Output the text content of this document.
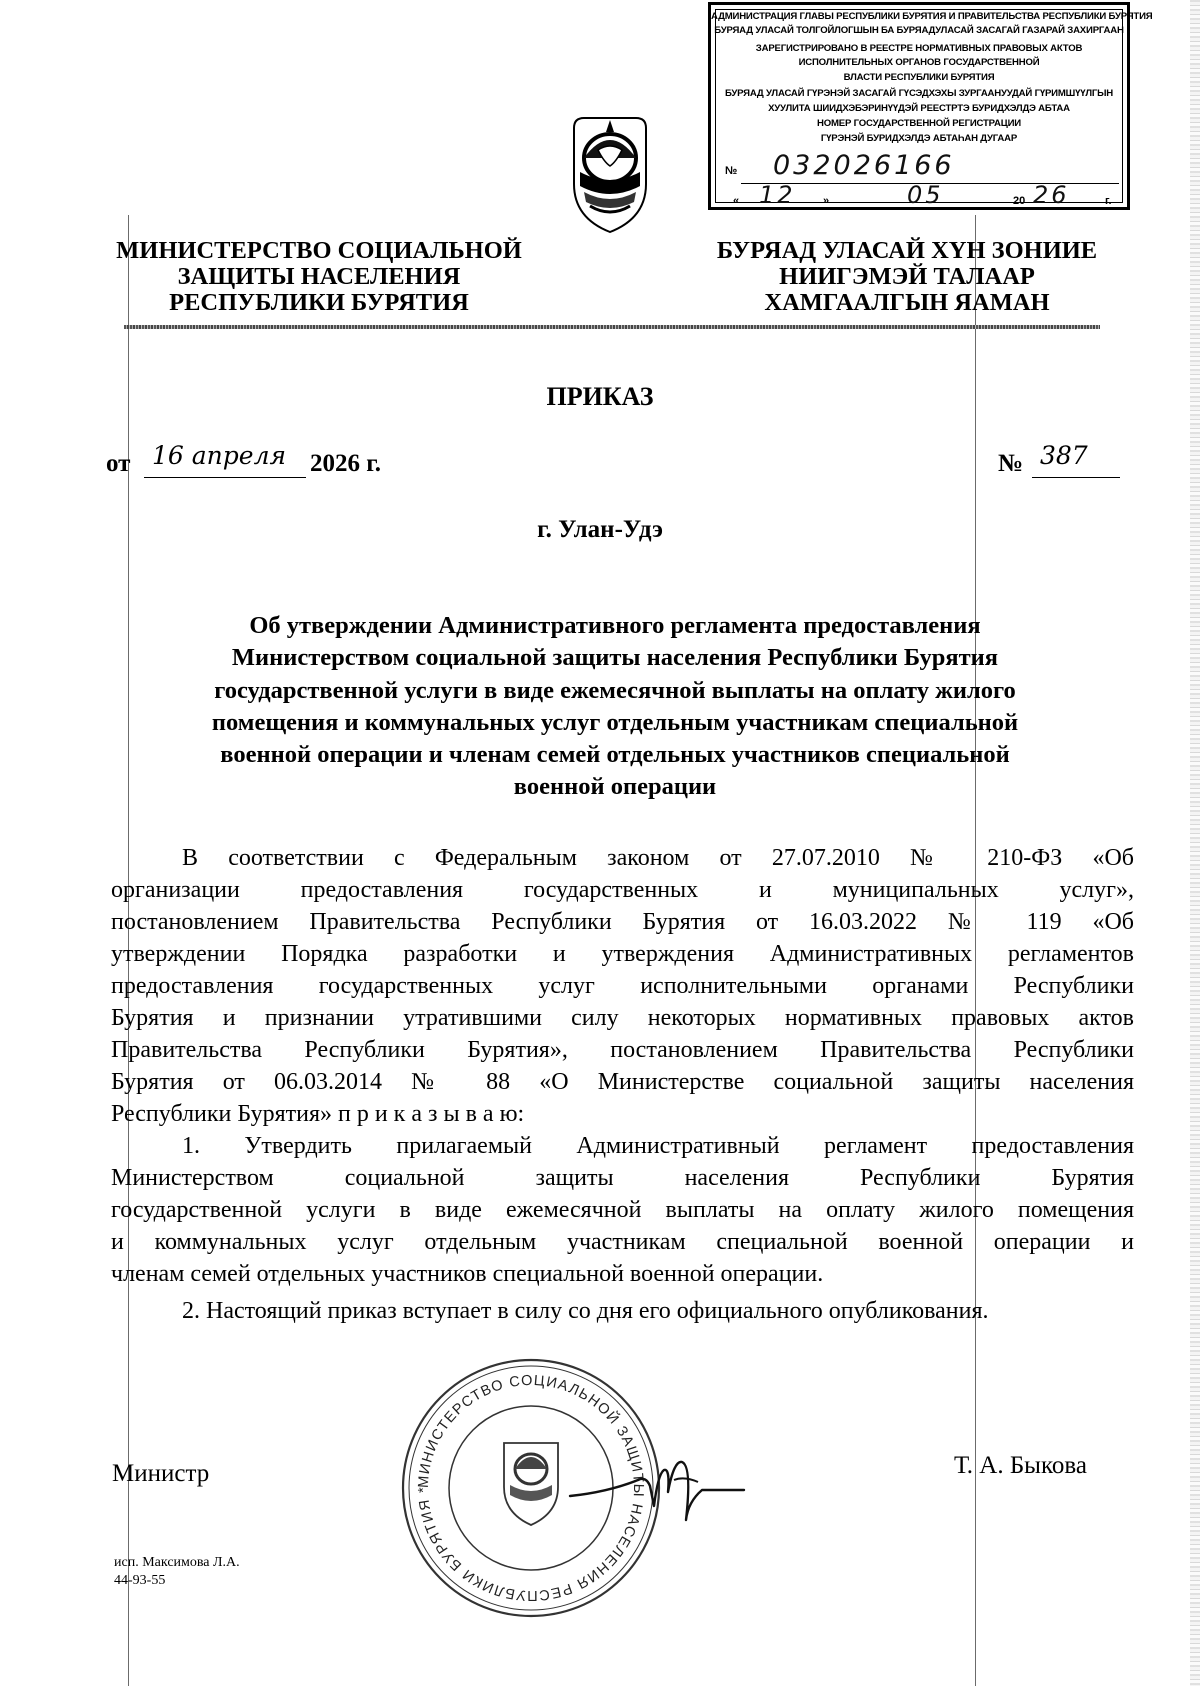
АДМИНИСТРАЦИЯ ГЛАВЫ РЕСПУБЛИКИ БУРЯТИЯ И ПРАВИТЕЛЬСТВА РЕСПУБЛИКИ БУРЯТИЯ
БУРЯАД УЛАСАЙ ТОЛГОЙЛОГШЫН БА БУРЯАДУЛАСАЙ ЗАСАГАЙ ГАЗАРАЙ ЗАХИРГААН
ЗАРЕГИСТРИРОВАНО В РЕЕСТРЕ НОРМАТИВНЫХ ПРАВОВЫХ АКТОВ
ИСПОЛНИТЕЛЬНЫХ ОРГАНОВ ГОСУДАРСТВЕННОЙ
ВЛАСТИ РЕСПУБЛИКИ БУРЯТИЯ
БУРЯАД УЛАСАЙ ГҮРЭНЭЙ ЗАСАГАЙ ГҮСЭДХЭХЫ ЗУРГААНУУДАЙ ГҮРИМШҮҮЛГЫН
ХУУЛИТА ШИИДХЭБЭРИНҮҮДЭЙ РЕЕСТРТЭ БУРИДХЭЛДЭ АБТАА
НОМЕР ГОСУДАРСТВЕННОЙ РЕГИСТРАЦИИ
ГҮРЭНЭЙ БУРИДХЭЛДЭ АБТАҺАН ДУГААР
№ 032026166
« 12 »	05	20 26	г.
МИНИСТЕРСТВО СОЦИАЛЬНОЙ
ЗАЩИТЫ НАСЕЛЕНИЯ
РЕСПУБЛИКИ БУРЯТИЯ
БУРЯАД УЛАСАЙ ХҮН ЗОНИИЕ
НИИГЭМЭЙ ТАЛААР
ХАМГААЛГЫН ЯАМАН
ПРИКАЗ
от 16 апреля 2026 г.	№ 387
г. Улан-Удэ
Об утверждении Административного регламента предоставления
Министерством социальной защиты населения Республики Бурятия
государственной услуги в виде ежемесячной выплаты на оплату жилого
помещения и коммунальных услуг отдельным участникам специальной
военной операции и членам семей отдельных участников специальной
военной операции
В соответствии с Федеральным законом от 27.07.2010 № 210-ФЗ «Об
организации предоставления государственных и муниципальных услуг»,
постановлением Правительства Республики Бурятия от 16.03.2022 № 119 «Об
утверждении Порядка разработки и утверждения Административных регламентов
предоставления государственных услуг исполнительными органами Республики
Бурятия и признании утратившими силу некоторых нормативных правовых актов
Правительства Республики Бурятия», постановлением Правительства Республики
Бурятия от 06.03.2014 № 88 «О Министерстве социальной защиты населения
Республики Бурятия» п р и к а з ы в а ю:
1. Утвердить прилагаемый Административный регламент предоставления
Министерством социальной защиты населения Республики Бурятия
государственной услуги в виде ежемесячной выплаты на оплату жилого помещения
и коммунальных услуг отдельным участникам специальной военной операции и
членам семей отдельных участников специальной военной операции.
2. Настоящий приказ вступает в силу со дня его официального опубликования.
МИНИСТЕРСТВО СОЦИАЛЬНОЙ ЗАЩИТЫ НАСЕЛЕНИЯ РЕСПУБЛИКИ БУРЯТИЯ *
Министр	Т. А. Быкова
исп. Максимова Л.А.
44-93-55
